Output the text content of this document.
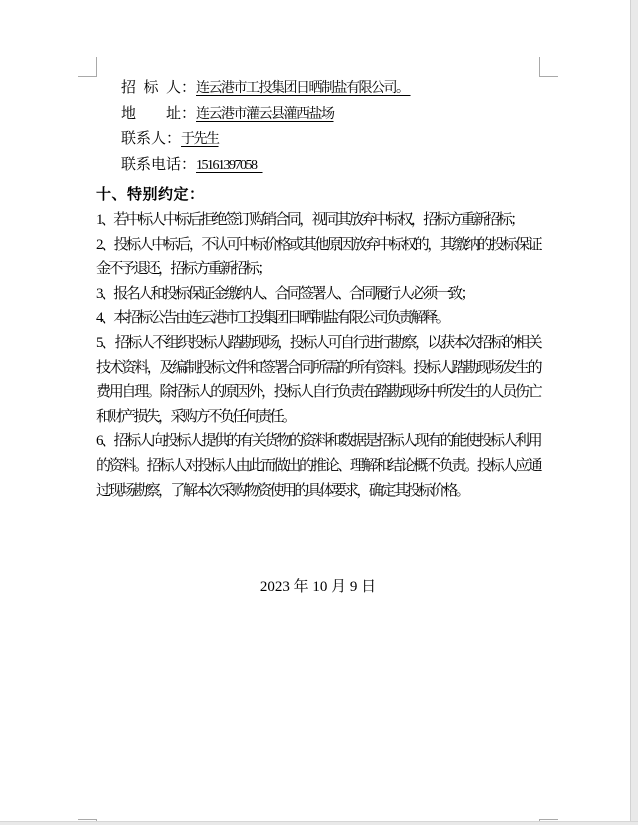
招  标  人：连云港市工投集团日晒制盐有限公司。
地        址：连云港市灌云县灌西盐场
联系人：于先生
联系电话：15161397058
十、特别约定：

1、若中标人中标后拒绝签订购销合同，视同其放弃中标权，招标方重新招标；

2、投标人中标后，不认可中标价格或其他原因放弃中标权的，其缴纳的投标保证金不予退还，招标方重新招标；

3、报名人和投标保证金缴纳人、合同签署人、合同履行人必须一致；

4、本招标公告由连云港市工投集团日晒制盐有限公司负责解释。

5、 招标人不组织投标人踏勘现场，投标人可自行进行勘察，以获本次招标的相关技术资料，及编制投标文件和签署合同所需的所有资料。投标人踏勘现场发生的费用自理。除招标人的原因外，投标人自行负责在踏勘现场中所发生的人员伤亡和财产损失，采购方不负任何责任。

6、招标人向投标人提供的有关货物的资料和数据是招标人现有的能使投标人利用的资料。招标人对投标人由此而做出的推论、理解和结论概不负责。投标人应通过现场勘察，了解本次采购物资使用的具体要求，确定其投标价格。

2023 年 10 月 9 日
